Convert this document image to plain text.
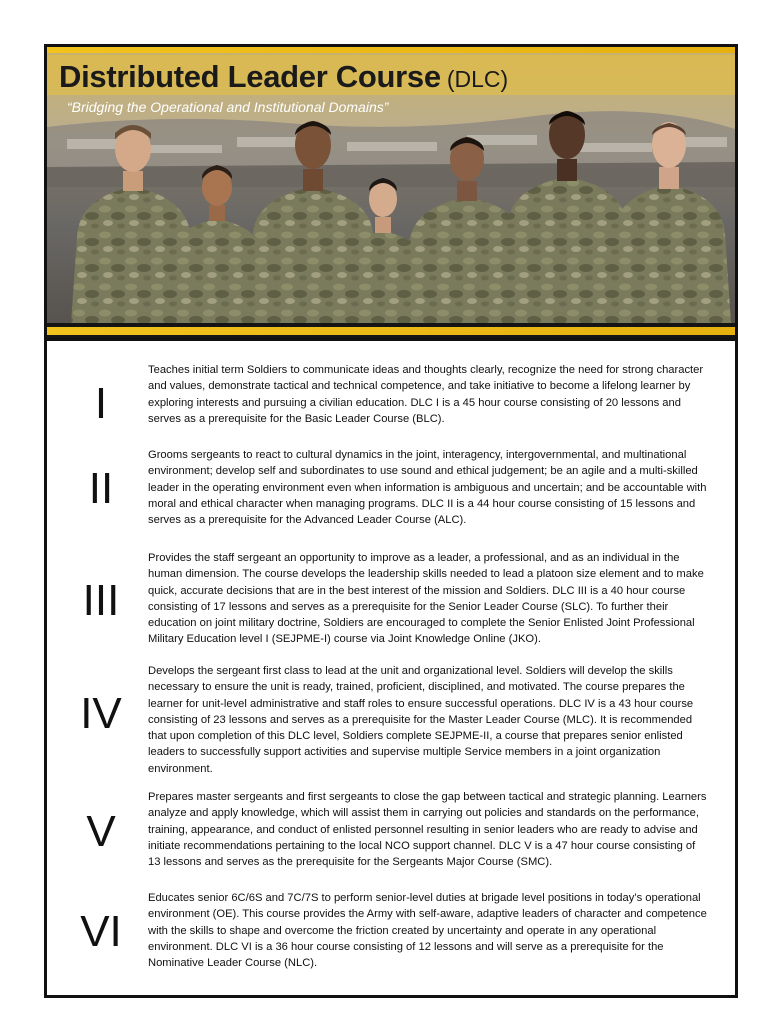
Distributed Leader Course (DLC)
“Bridging the Operational and Institutional Domains”
I

Teaches initial term Soldiers to communicate ideas and thoughts clearly, recognize the need for strong character and values, demonstrate tactical and technical competence, and take initiative to become a lifelong learner by exploring interests and pursuing a civilian education. DLC I is a 45 hour course consisting of 20 lessons and serves as a prerequisite for the Basic Leader Course (BLC).

II

Grooms sergeants to react to cultural dynamics in the joint, interagency, intergovernmental, and multinational environment; develop self and subordinates to use sound and ethical judgement; be an agile and a multi-skilled leader in the operating environment even when information is ambiguous and uncertain; and be accountable with moral and ethical character when managing programs. DLC II is a 44 hour course consisting of 15 lessons and serves as a prerequisite for the Advanced Leader Course (ALC).

III

Provides the staff sergeant an opportunity to improve as a leader, a professional, and as an individual in the human dimension. The course develops the leadership skills needed to lead a platoon size element and to make quick, accurate decisions that are in the best interest of the mission and Soldiers. DLC III is a 40 hour course consisting of 17 lessons and serves as a prerequisite for the Senior Leader Course (SLC). To further their education on joint military doctrine, Soldiers are encouraged to complete the Senior Enlisted Joint Professional Military Education level I (SEJPME-I) course via Joint Knowledge Online (JKO).

IV

Develops the sergeant first class to lead at the unit and organizational level. Soldiers will develop the skills necessary to ensure the unit is ready, trained, proficient, disciplined, and motivated. The course prepares the learner for unit-level administrative and staff roles to ensure successful operations. DLC IV is a 43 hour course consisting of 23 lessons and serves as a prerequisite for the Master Leader Course (MLC). It is recommended that upon completion of this DLC level, Soldiers complete SEJPME-II, a course that prepares senior enlisted leaders to successfully support activities and supervise multiple Service members in a joint organization environment.

V

Prepares master sergeants and first sergeants to close the gap between tactical and strategic planning. Learners analyze and apply knowledge, which will assist them in carrying out policies and standards on the performance, training, appearance, and conduct of enlisted personnel resulting in senior leaders who are ready to advise and initiate recommendations pertaining to the local NCO support channel. DLC V is a 47 hour course consisting of 13 lessons and serves as the prerequisite for the Sergeants Major Course (SMC).

VI

Educates senior 6C/6S and 7C/7S to perform senior-level duties at brigade level positions in today’s operational environment (OE). This course provides the Army with self-aware, adaptive leaders of character and competence with the skills to shape and overcome the friction created by uncertainty and operate in any operational environment. DLC VI is a 36 hour course consisting of 12 lessons and will serve as a prerequisite for the Nominative Leader Course (NLC).
